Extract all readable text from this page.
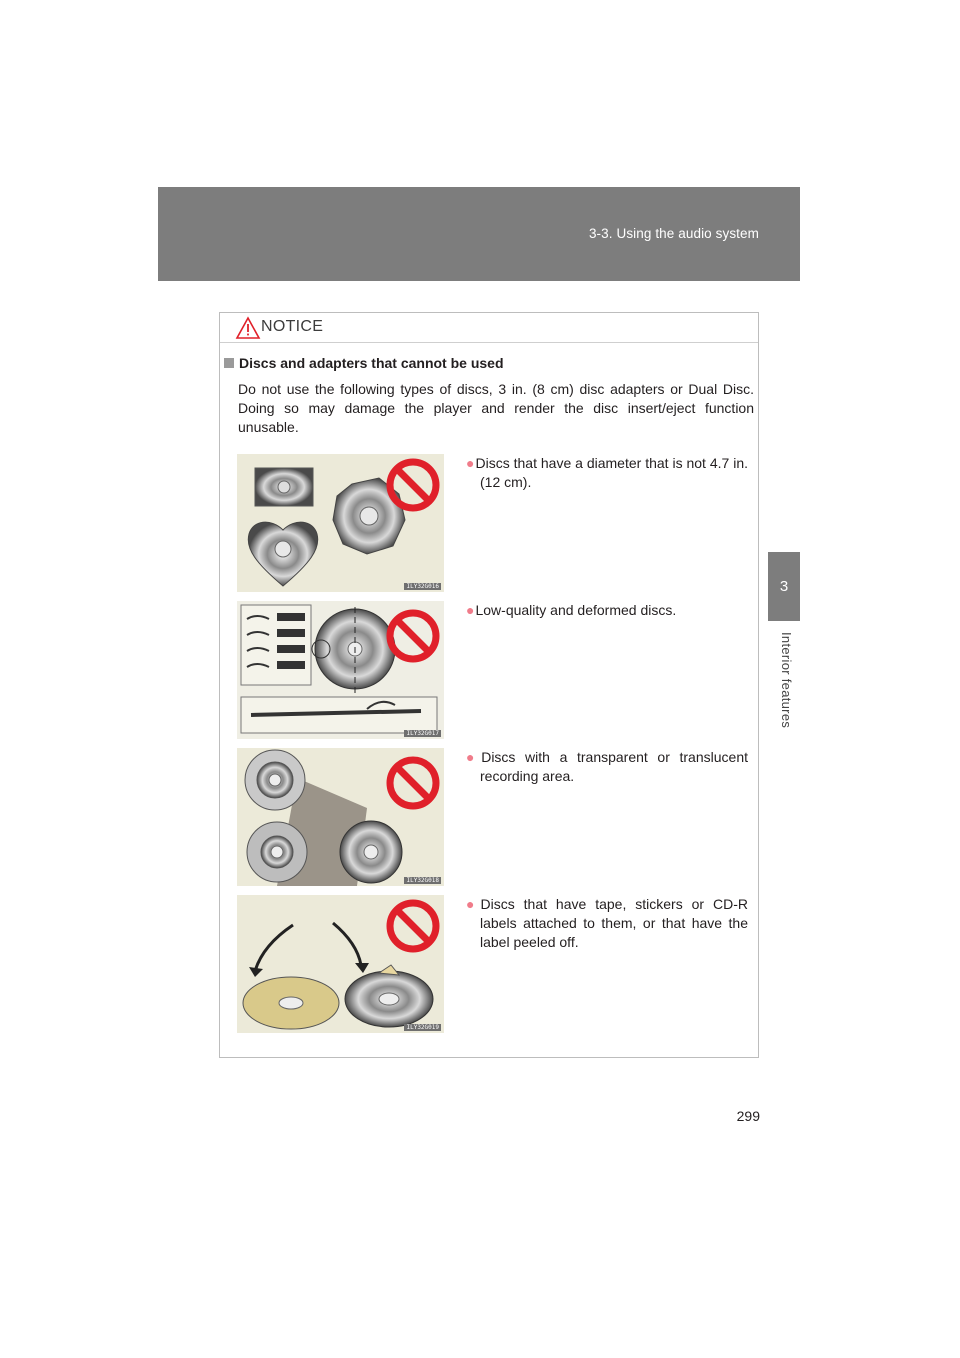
3-3. Using the audio system
3
Interior features
NOTICE
Discs and adapters that cannot be used
Do not use the following types of discs, 3 in. (8 cm) disc adapters or Dual Disc. Doing so may damage the player and render the disc insert/eject function unusable.
ILY32G016
●Discs that have a diameter that is not 4.7 in. (12 cm).
ILY32G017
●Low-quality and deformed discs.
ILY32G018
●Discs with a transparent or translucent recording area.
ILY32G019
●Discs that have tape, stickers or CD-R labels attached to them, or that have the label peeled off.
299
